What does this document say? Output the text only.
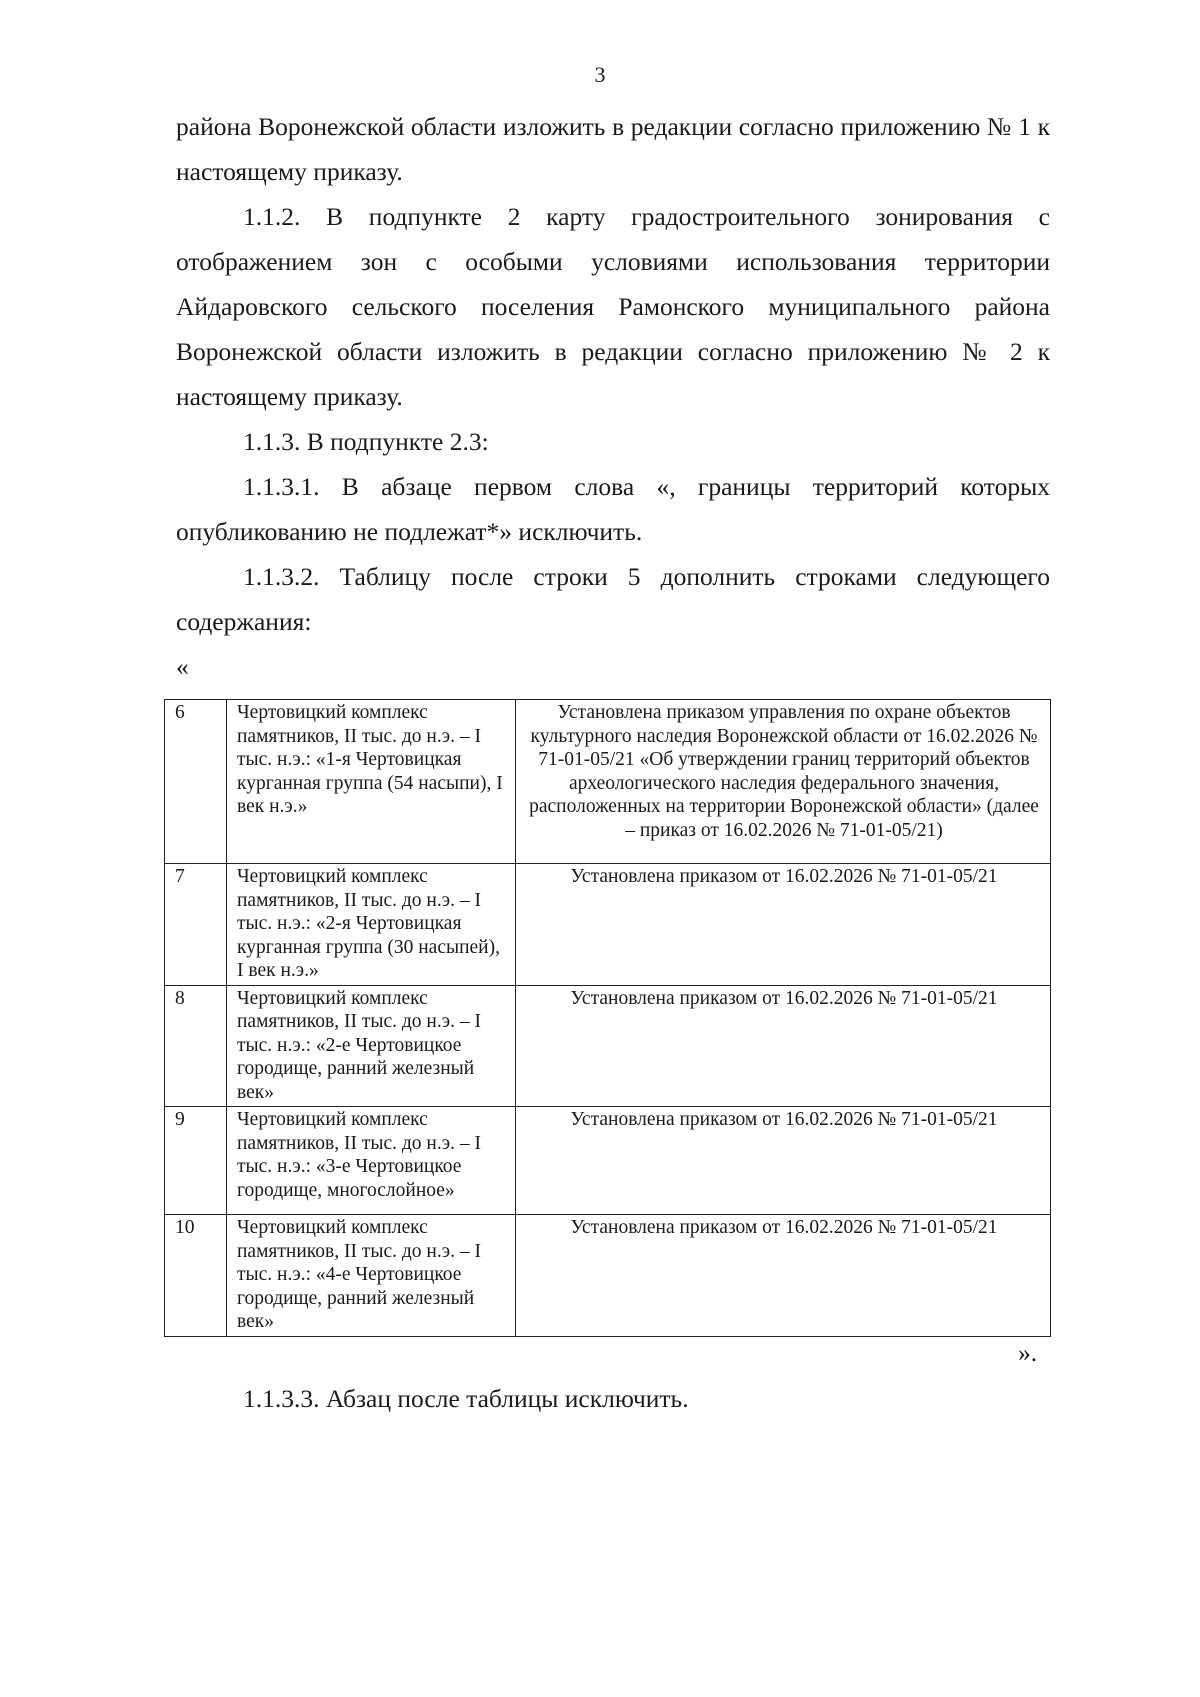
3

района Воронежской области изложить в редакции согласно приложению № 1 к настоящему приказу.

1.1.2. В подпункте 2 карту градостроительного зонирования с отображением зон с особыми условиями использования территории Айдаровского сельского поселения Рамонского муниципального района Воронежской области изложить в редакции согласно приложению № 2 к настоящему приказу.

1.1.3. В подпункте 2.3:

1.1.3.1. В абзаце первом слова «, границы территорий которых опубликованию не подлежат*» исключить.

1.1.3.2. Таблицу после строки 5 дополнить строками следующего содержания:

«
6	Чертовицкий комплекс памятников, II тыс. до н.э. – I тыс. н.э.: «1-я Чертовицкая курганная группа (54 насыпи), I век н.э.»	Установлена приказом управления по охране объектов культурного наследия Воронежской области от 16.02.2026 № 71-01-05/21 «Об утверждении границ территорий объектов археологического наследия федерального значения, расположенных на территории Воронежской области» (далее – приказ от 16.02.2026 № 71-01-05/21)
7	Чертовицкий комплекс памятников, II тыс. до н.э. – I тыс. н.э.: «2-я Чертовицкая курганная группа (30 насыпей), I век н.э.»	Установлена приказом от 16.02.2026 № 71-01-05/21
8	Чертовицкий комплекс памятников, II тыс. до н.э. – I тыс. н.э.: «2-е Чертовицкое городище, ранний железный век»	Установлена приказом от 16.02.2026 № 71-01-05/21
9	Чертовицкий комплекс памятников, II тыс. до н.э. – I тыс. н.э.: «3-е Чертовицкое городище, многослойное»	Установлена приказом от 16.02.2026 № 71-01-05/21
10	Чертовицкий комплекс памятников, II тыс. до н.э. – I тыс. н.э.: «4-е Чертовицкое городище, ранний железный век»	Установлена приказом от 16.02.2026 № 71-01-05/21
».

1.1.3.3. Абзац после таблицы исключить.
